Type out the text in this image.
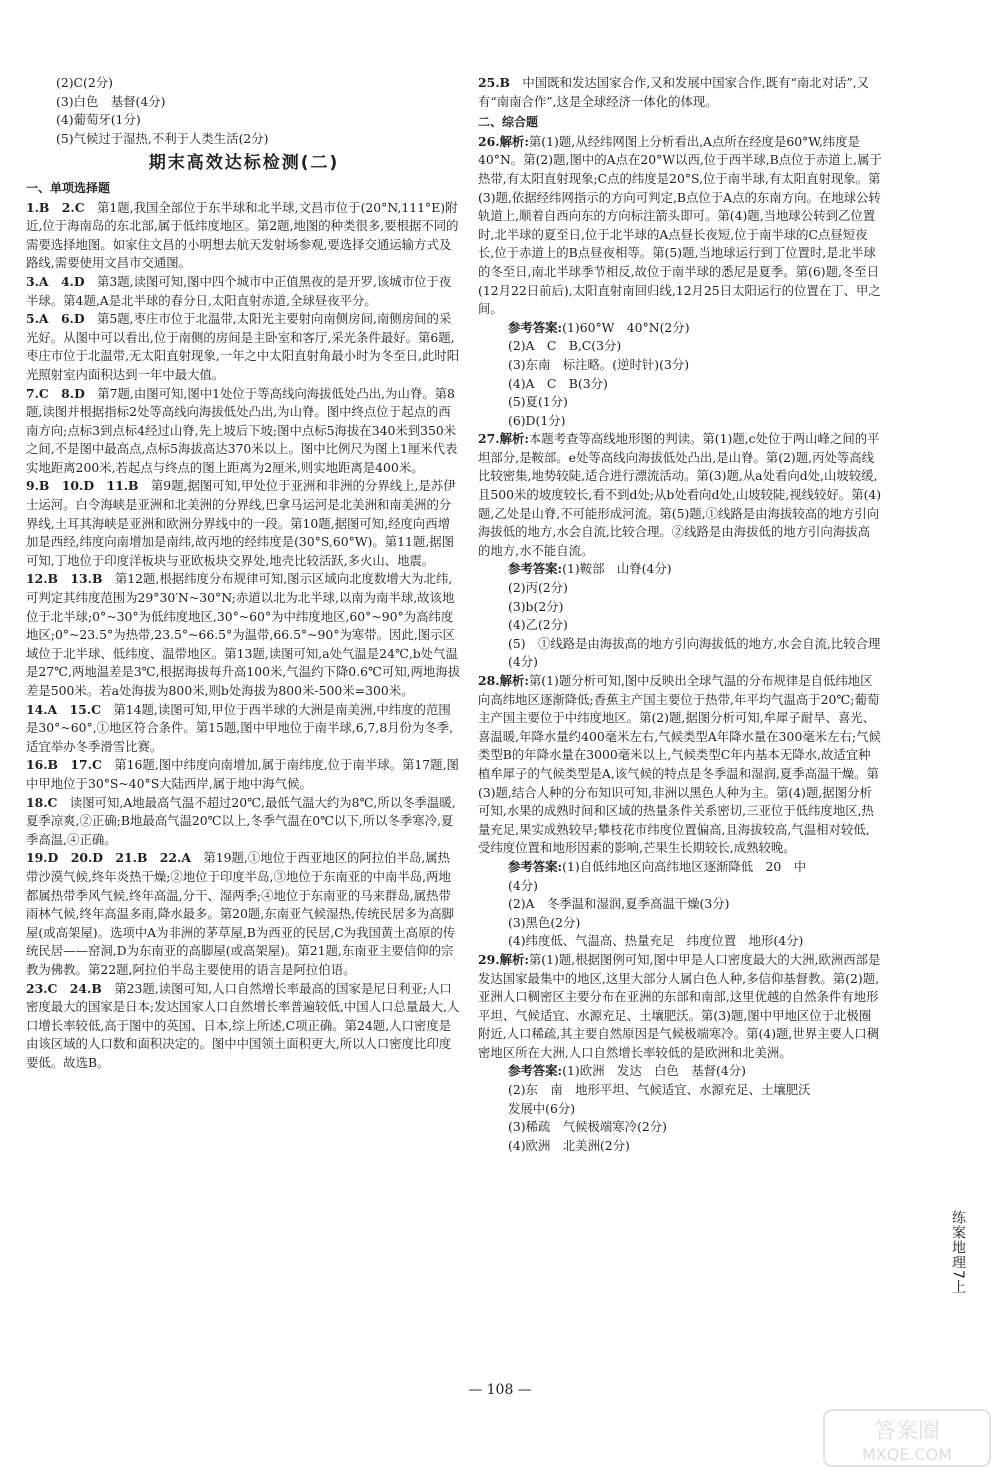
(2)C(2分)

(3)白色　基督(4分)

(4)葡萄牙(1分)

(5)气候过于湿热,不利于人类生活(2分)

期末高效达标检测(二)
一、单项选择题
1.B　2.C　第1题,我国全部位于东半球和北半球,文昌市位于(20°N,111°E)附近,位于海南岛的东北部,属于低纬度地区。第2题,地图的种类很多,要根据不同的需要选择地图。如家住文昌的小明想去航天发射场参观,要选择交通运输方式及路线,需要使用文昌市交通图。
3.A　4.D　第3题,读图可知,图中四个城市中正值黑夜的是开罗,该城市位于夜半球。第4题,A是北半球的春分日,太阳直射赤道,全球昼夜平分。
5.A　6.D　第5题,枣庄市位于北温带,太阳光主要射向南侧房间,南侧房间的采光好。从图中可以看出,位于南侧的房间是主卧室和客厅,采光条件最好。第6题,枣庄市位于北温带,无太阳直射现象,一年之中太阳直射角最小时为冬至日,此时阳光照射室内面积达到一年中最大值。
7.C　8.D　第7题,由图可知,图中1处位于等高线向海拔低处凸出,为山脊。第8题,读图并根据指标2处等高线向海拔低处凸出,为山脊。图中终点位于起点的西南方向;点标3到点标4经过山脊,先上坡后下坡;图中点标5海拔在340米到350米之间,不是图中最高点,点标5海拔高达370米以上。图中比例尺为图上1厘米代表实地距离200米,若起点与终点的图上距离为2厘米,则实地距离是400米。
9.B　10.D　11.B　第9题,据图可知,甲处位于亚洲和非洲的分界线上,是苏伊士运河。白令海峡是亚洲和北美洲的分界线,巴拿马运河是北美洲和南美洲的分界线,土耳其海峡是亚洲和欧洲分界线中的一段。第10题,据图可知,经度向西增加是西经,纬度向南增加是南纬,故丙地的经纬度是(30°S,60°W)。第11题,据图可知,丁地位于印度洋板块与亚欧板块交界处,地壳比较活跃,多火山、地震。
12.B　13.B　第12题,根据纬度分布规律可知,图示区域向北度数增大为北纬,可判定其纬度范围为29°30′N~30°N;赤道以北为北半球,以南为南半球,故该地位于北半球;0°~30°为低纬度地区,30°~60°为中纬度地区,60°~90°为高纬度地区;0°~23.5°为热带,23.5°~66.5°为温带,66.5°~90°为寒带。因此,图示区域位于北半球、低纬度、温带地区。第13题,读图可知,a处气温是24℃,b处气温是27℃,两地温差是3℃,根据海拔每升高100米,气温约下降0.6℃可知,两地海拔差是500米。若a处海拔为800米,则b处海拔为800米-500米=300米。
14.A　15.C　第14题,读图可知,甲位于西半球的大洲是南美洲,中纬度的范围是30°~60°,①地区符合条件。第15题,图中甲地位于南半球,6,7,8月份为冬季,适宜举办冬季滑雪比赛。
16.B　17.C　第16题,图中纬度向南增加,属于南纬度,位于南半球。第17题,图中甲地位于30°S~40°S大陆西岸,属于地中海气候。
18.C　读图可知,A地最高气温不超过20℃,最低气温大约为8℃,所以冬季温暖,夏季凉爽,②正确;B地最高气温20℃以上,冬季气温在0℃以下,所以冬季寒冷,夏季高温,④正确。
19.D　20.D　21.B　22.A　第19题,①地位于西亚地区的阿拉伯半岛,属热带沙漠气候,终年炎热干燥;②地位于印度半岛,③地位于东南亚的中南半岛,两地都属热带季风气候,终年高温,分干、湿两季;④地位于东南亚的马来群岛,属热带雨林气候,终年高温多雨,降水最多。第20题,东南亚气候湿热,传统民居多为高脚屋(或高架屋)。选项中A为非洲的茅草屋,B为西亚的民居,C为我国黄土高原的传统民居——窑洞,D为东南亚的高脚屋(或高架屋)。第21题,东南亚主要信仰的宗教为佛教。第22题,阿拉伯半岛主要使用的语言是阿拉伯语。
23.C　24.B　第23题,读图可知,人口自然增长率最高的国家是尼日利亚;人口密度最大的国家是日本;发达国家人口自然增长率普遍较低,中国人口总量最大,人口增长率较低,高于图中的英国、日本,综上所述,C项正确。第24题,人口密度是由该区域的人口数和面积决定的。图中中国领土面积更大,所以人口密度比印度要低。故选B。
25.B　中国既和发达国家合作,又和发展中国家合作,既有“南北对话”,又有“南南合作”,这是全球经济一体化的体现。
二、综合题
26.解析:第(1)题,从经纬网图上分析看出,A点所在经度是60°W,纬度是40°N。第(2)题,图中的A点在20°W以西,位于西半球,B点位于赤道上,属于热带,有太阳直射现象;C点的纬度是20°S,位于南半球,有太阳直射现象。第(3)题,依据经纬网指示的方向可判定,B点位于A点的东南方向。在地球公转轨道上,顺着自西向东的方向标注箭头即可。第(4)题,当地球公转到乙位置时,北半球的夏至日,位于北半球的A点昼长夜短,位于南半球的C点昼短夜长,位于赤道上的B点昼夜相等。第(5)题,当地球运行到丁位置时,是北半球的冬至日,南北半球季节相反,故位于南半球的悉尼是夏季。第(6)题,冬至日(12月22日前后),太阳直射南回归线,12月25日太阳运行的位置在丁、甲之间。

参考答案:(1)60°W　40°N(2分)

(2)A　C　B,C(3分)

(3)东南　标注略。(逆时针)(3分)

(4)A　C　B(3分)

(5)夏(1分)

(6)D(1分)

27.解析:本题考查等高线地形图的判读。第(1)题,c处位于两山峰之间的平坦部分,是鞍部。e处等高线向海拔低处凸出,是山脊。第(2)题,丙处等高线比较密集,地势较陡,适合进行漂流活动。第(3)题,从a处看向d处,山坡较缓,且500米的坡度较长,看不到d处;从b处看向d处,山坡较陡,视线较好。第(4)题,乙处是山脊,不可能形成河流。第(5)题,①线路是由海拔较高的地方引向海拔低的地方,水会自流,比较合理。②线路是由海拔低的地方引向海拔高的地方,水不能自流。

参考答案:(1)鞍部　山脊(4分)

(2)丙(2分)

(3)b(2分)

(4)乙(2分)

(5)　①线路是由海拔高的地方引向海拔低的地方,水会自流,比较合理(4分)

28.解析:第(1)题分析可知,图中反映出全球气温的分布规律是自低纬地区向高纬地区逐渐降低;香蕉主产国主要位于热带,年平均气温高于20℃;葡萄主产国主要位于中纬度地区。第(2)题,据图分析可知,牟犀子耐旱、喜光、喜温暖,年降水量约400毫米左右,气候类型A年降水量在300毫米左右;气候类型B的年降水量在3000毫米以上,气候类型C年内基本无降水,故适宜种植牟犀子的气候类型是A,该气候的特点是冬季温和湿润,夏季高温干燥。第(3)题,结合人种的分布知识可知,非洲以黑色人种为主。第(4)题,据图分析可知,水果的成熟时间和区域的热量条件关系密切,三亚位于低纬度地区,热量充足,果实成熟较早;攀枝花市纬度位置偏高,且海拔较高,气温相对较低,受纬度位置和地形因素的影响,芒果生长期较长,成熟较晚。

参考答案:(1)自低纬地区向高纬地区逐渐降低　20　中

(4分)

(2)A　冬季温和湿润,夏季高温干燥(3分)

(3)黑色(2分)

(4)纬度低、气温高、热量充足　纬度位置　地形(4分)

29.解析:第(1)题,根据图例可知,图中甲是人口密度最大的大洲,欧洲西部是发达国家最集中的地区,这里大部分人属白色人种,多信仰基督教。第(2)题,亚洲人口稠密区主要分布在亚洲的东部和南部,这里优越的自然条件有地形平坦、气候适宜、水源充足、土壤肥沃。第(3)题,图中甲地区位于北极圈附近,人口稀疏,其主要自然原因是气候极端寒冷。第(4)题,世界主要人口稠密地区所在大洲,人口自然增长率较低的是欧洲和北美洲。

参考答案:(1)欧洲　发达　白色　基督(4分)

(2)东　南　地形平坦、气候适宜、水源充足、土壤肥沃

发展中(6分)

(3)稀疏　气候极端寒冷(2分)

(4)欧洲　北美洲(2分)

— 108 —
练案地理7上
答案圈
MXQE.COM
